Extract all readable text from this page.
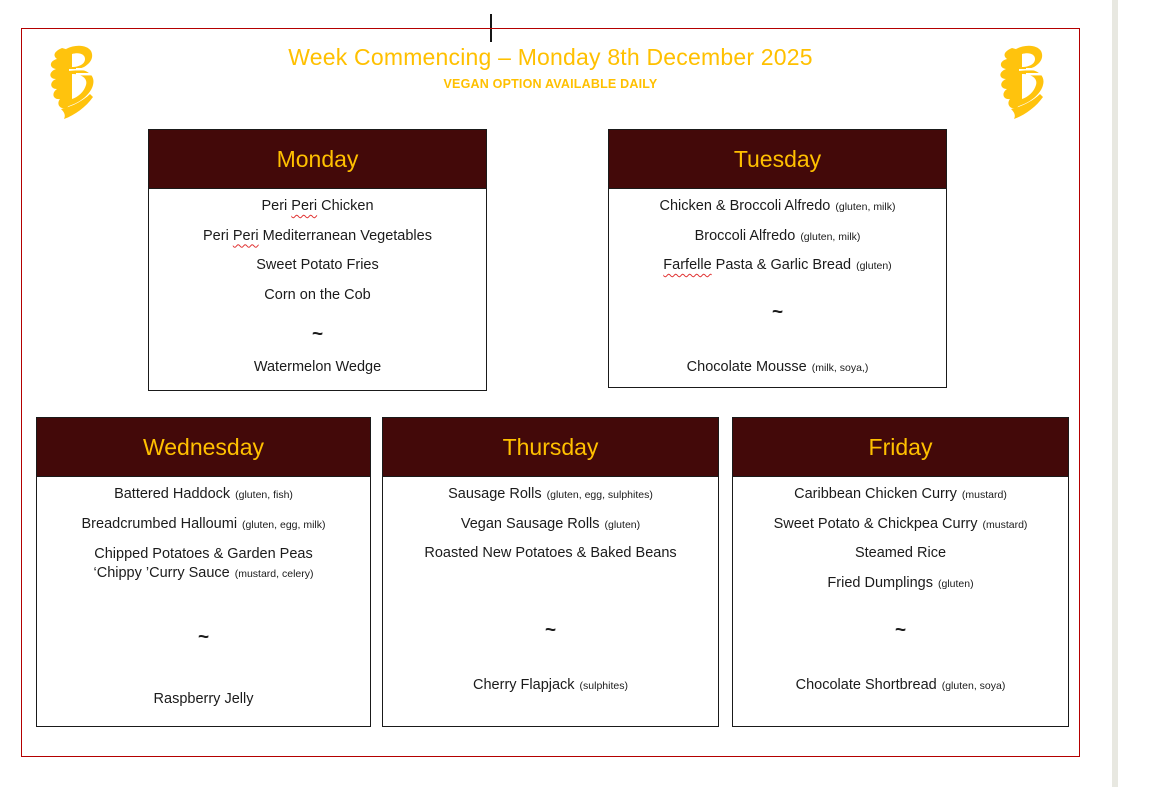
Week Commencing – Monday 8th December 2025
VEGAN OPTION AVAILABLE DAILY
Monday
Peri Peri Chicken
Peri Peri Mediterranean Vegetables
Sweet Potato Fries
Corn on the Cob
~
Watermelon Wedge
Tuesday
Chicken & Broccoli Alfredo (gluten, milk)
Broccoli Alfredo (gluten, milk)
Farfelle Pasta & Garlic Bread (gluten)
~
Chocolate Mousse (milk, soya,)
Wednesday
Battered Haddock (gluten, fish)
Breadcrumbed Halloumi (gluten, egg, milk)
Chipped Potatoes & Garden Peas
‘Chippy ’Curry Sauce (mustard, celery)
~
Raspberry Jelly
Thursday
Sausage Rolls (gluten, egg, sulphites)
Vegan Sausage Rolls (gluten)
Roasted New Potatoes & Baked Beans
~
Cherry Flapjack (sulphites)
Friday
Caribbean Chicken Curry (mustard)
Sweet Potato & Chickpea Curry (mustard)
Steamed Rice
Fried Dumplings (gluten)
~
Chocolate Shortbread (gluten, soya)
